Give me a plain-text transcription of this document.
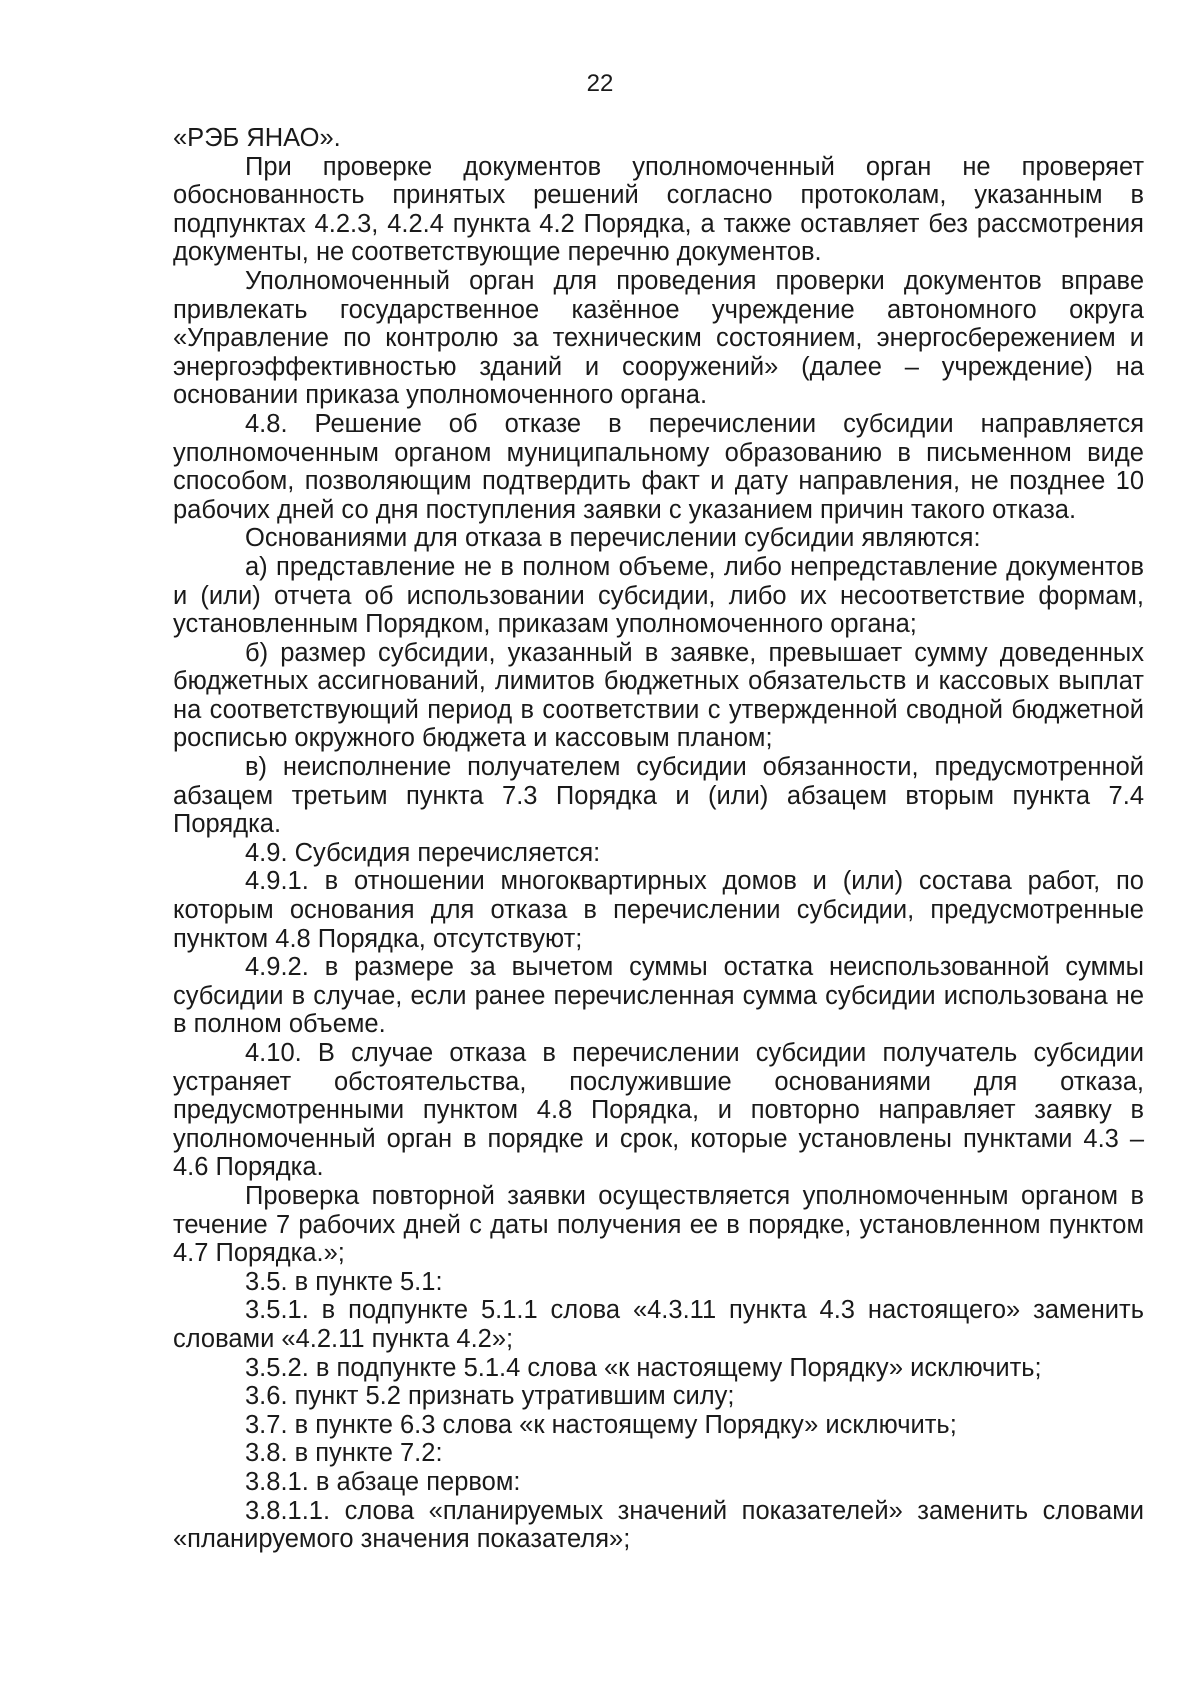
22

«РЭБ ЯНАО».

При проверке документов уполномоченный орган не проверяет обоснованность принятых решений согласно протоколам, указанным в подпунктах 4.2.3, 4.2.4 пункта 4.2 Порядка, а также оставляет без рассмотрения документы, не соответствующие перечню документов.

Уполномоченный орган для проведения проверки документов вправе привлекать государственное казённое учреждение автономного округа «Управление по контролю за техническим состоянием, энергосбережением и энергоэффективностью зданий и сооружений» (далее – учреждение) на основании приказа уполномоченного органа.

4.8. Решение об отказе в перечислении субсидии направляется уполномоченным органом муниципальному образованию в письменном виде способом, позволяющим подтвердить факт и дату направления, не позднее 10 рабочих дней со дня поступления заявки с указанием причин такого отказа.

Основаниями для отказа в перечислении субсидии являются:

а) представление не в полном объеме, либо непредставление документов и (или) отчета об использовании субсидии, либо их несоответствие формам, установленным Порядком, приказам уполномоченного органа;

б) размер субсидии, указанный в заявке, превышает сумму доведенных бюджетных ассигнований, лимитов бюджетных обязательств и кассовых выплат на соответствующий период в соответствии с утвержденной сводной бюджетной росписью окружного бюджета и кассовым планом;

в) неисполнение получателем субсидии обязанности, предусмотренной абзацем третьим пункта 7.3 Порядка и (или) абзацем вторым пункта 7.4 Порядка.

4.9. Субсидия перечисляется:

4.9.1. в отношении многоквартирных домов и (или) состава работ, по которым основания для отказа в перечислении субсидии, предусмотренные пунктом 4.8 Порядка, отсутствуют;

4.9.2. в размере за вычетом суммы остатка неиспользованной суммы субсидии в случае, если ранее перечисленная сумма субсидии использована не в полном объеме.

4.10. В случае отказа в перечислении субсидии получатель субсидии устраняет обстоятельства, послужившие основаниями для отказа, предусмотренными пунктом 4.8 Порядка, и повторно направляет заявку в уполномоченный орган в порядке и срок, которые установлены пунктами 4.3 – 4.6 Порядка.

Проверка повторной заявки осуществляется уполномоченным органом в течение 7 рабочих дней с даты получения ее в порядке, установленном пунктом 4.7 Порядка.»;

3.5. в пункте 5.1:

3.5.1. в подпункте 5.1.1 слова «4.3.11 пункта 4.3 настоящего» заменить словами «4.2.11 пункта 4.2»;

3.5.2. в подпункте 5.1.4 слова «к настоящему Порядку» исключить;

3.6. пункт 5.2 признать утратившим силу;

3.7. в пункте 6.3 слова «к настоящему Порядку» исключить;

3.8. в пункте 7.2:

3.8.1. в абзаце первом:

3.8.1.1. слова «планируемых значений показателей» заменить словами «планируемого значения показателя»;
